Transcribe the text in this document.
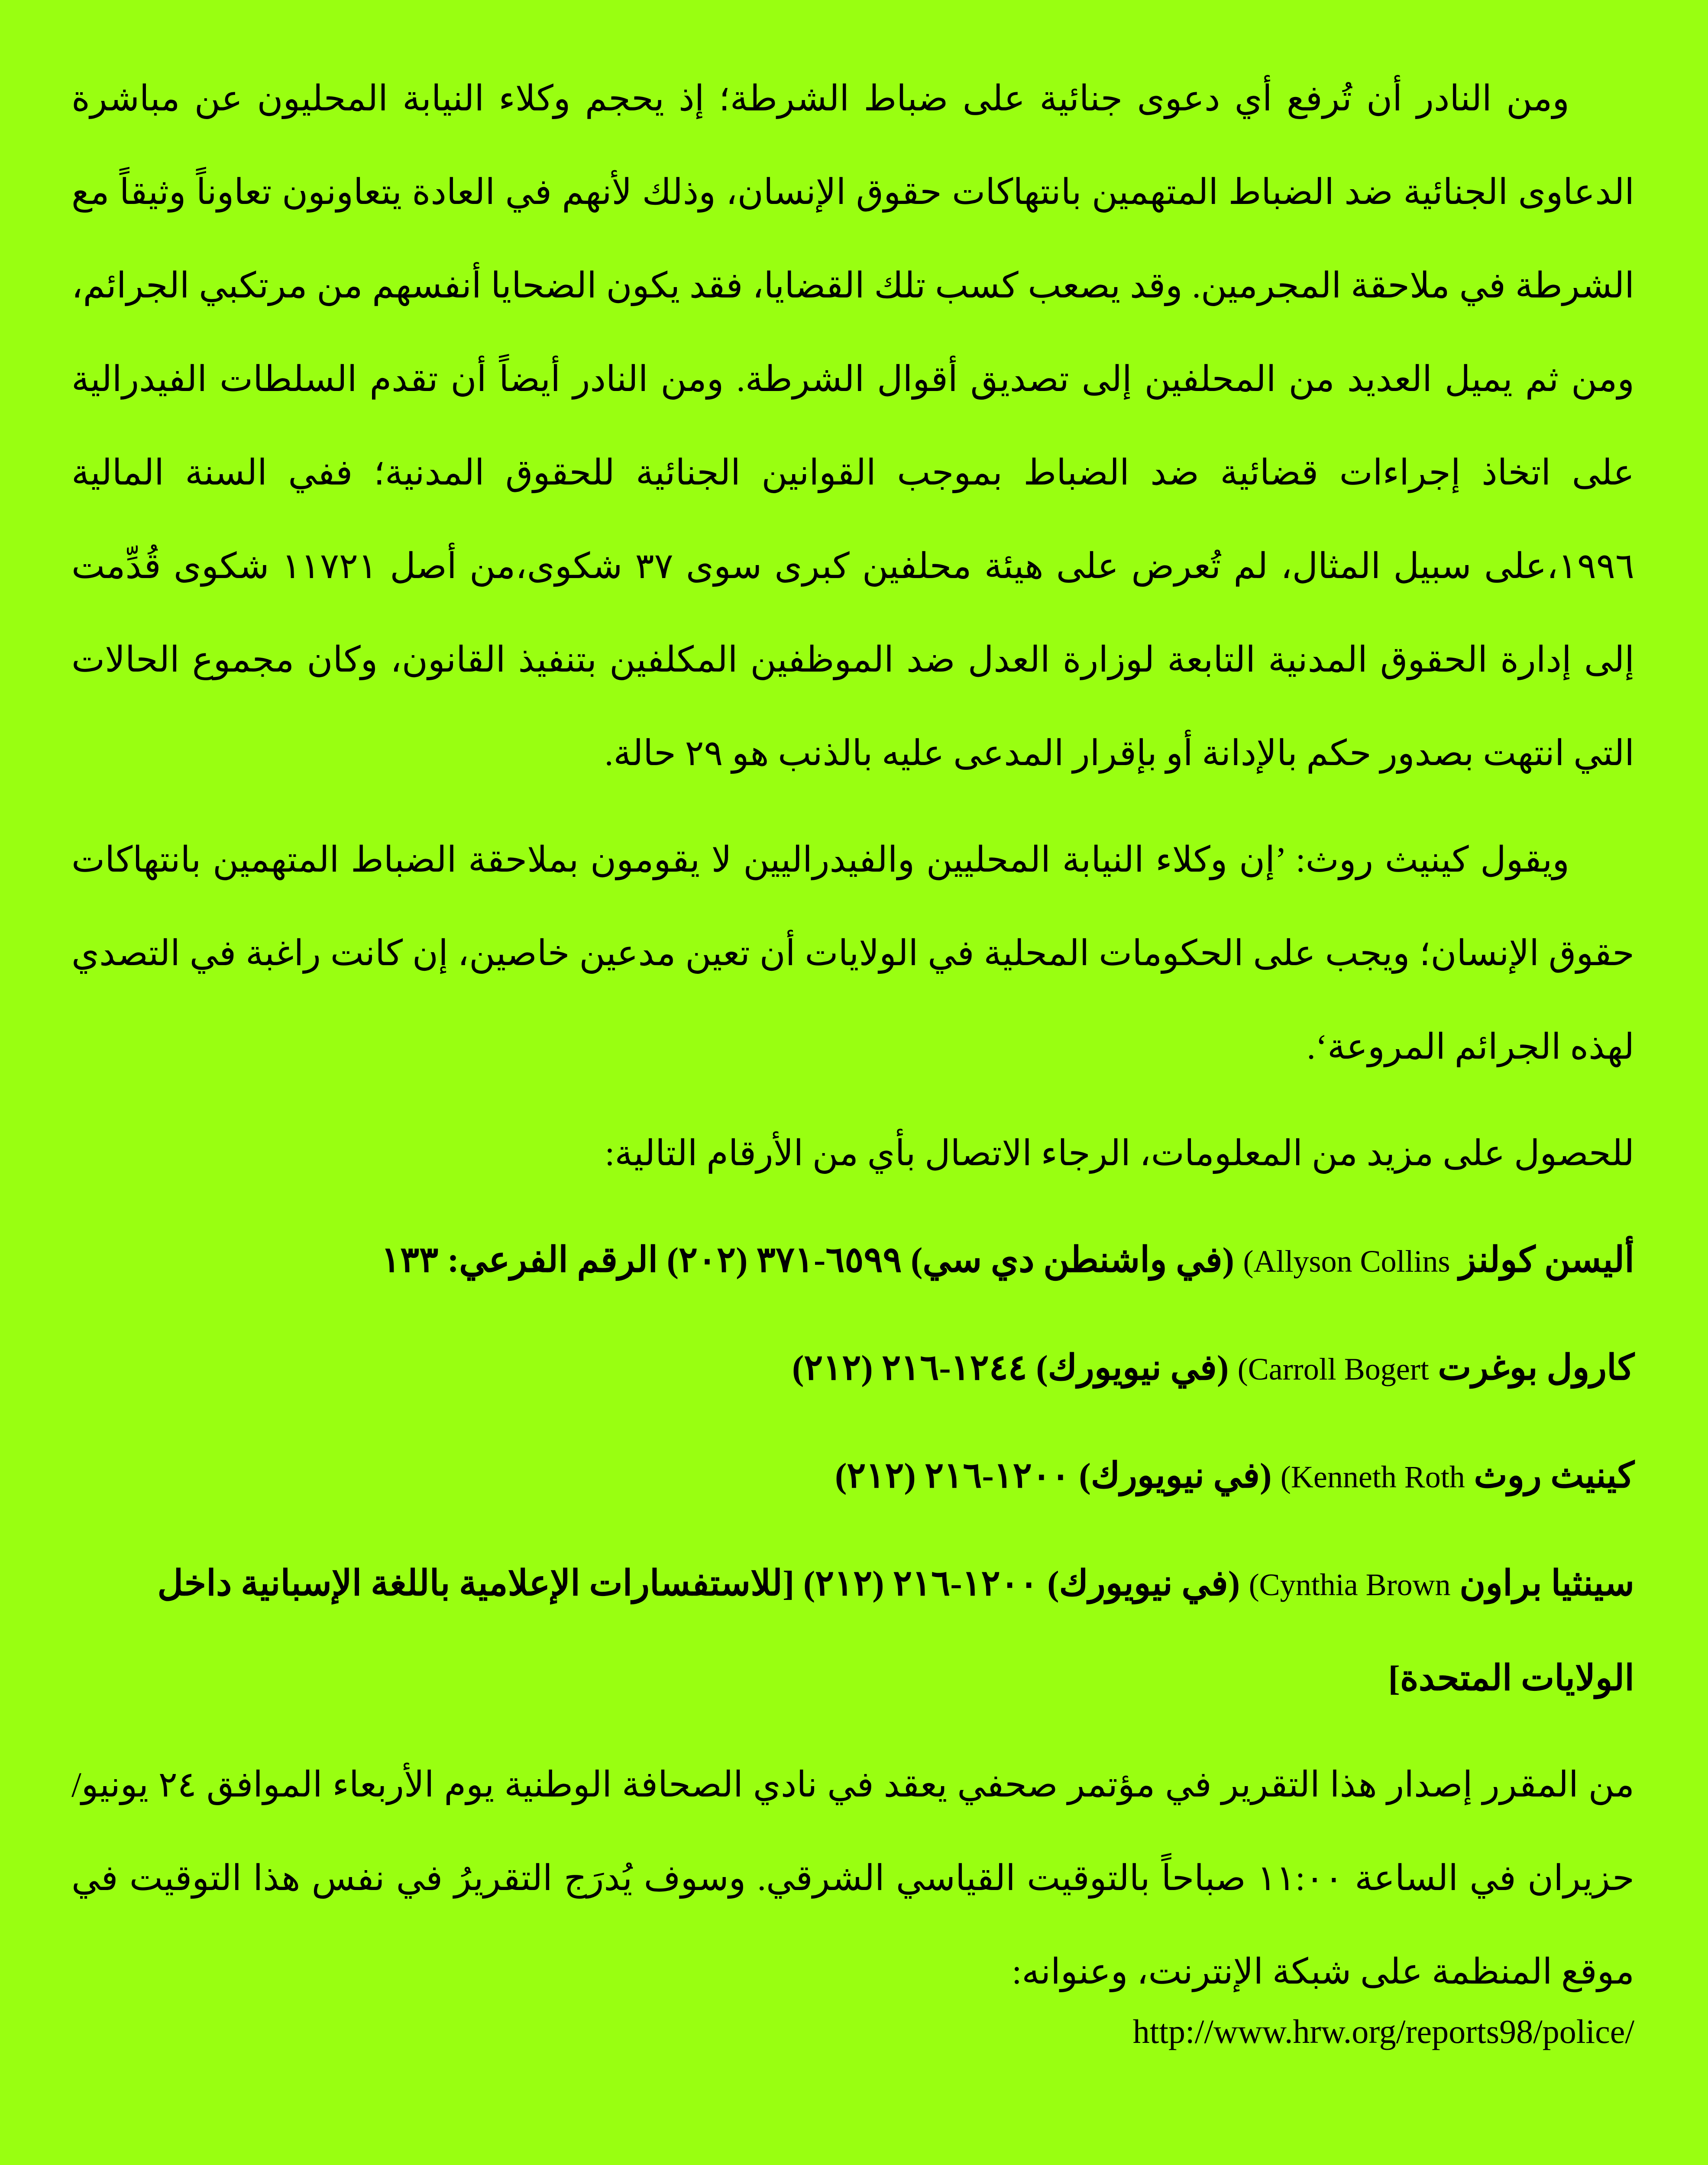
ومن النادر أن تُرفع أي دعوى جنائية على ضباط الشرطة؛ إذ يحجم وكلاء النيابة المحليون عن مباشرة الدعاوى الجنائية ضد الضباط المتهمين بانتهاكات حقوق الإنسان، وذلك لأنهم في العادة يتعاونون تعاوناً وثيقاً مع الشرطة في ملاحقة المجرمين. وقد يصعب كسب تلك القضايا، فقد يكون الضحايا أنفسهم من مرتكبي الجرائم، ومن ثم يميل العديد من المحلفين إلى تصديق أقوال الشرطة. ومن النادر أيضاً أن تقدم السلطات الفيدرالية على اتخاذ إجراءات قضائية ضد الضباط بموجب القوانين الجنائية للحقوق المدنية؛ ففي السنة المالية ١٩٩٦،على سبيل المثال، لم تُعرض على هيئة محلفين كبرى سوى ٣٧ شكوى،من أصل ١١٧٢١ شكوى قُدِّمت إلى إدارة الحقوق المدنية التابعة لوزارة العدل ضد الموظفين المكلفين بتنفيذ القانون، وكان مجموع الحالات التي انتهت بصدور حكم بالإدانة أو بإقرار المدعى عليه بالذنب هو ٢٩ حالة.

ويقول كينيث روث: ’إن وكلاء النيابة المحليين والفيدراليين لا يقومون بملاحقة الضباط المتهمين بانتهاكات حقوق الإنسان؛ ويجب على الحكومات المحلية في الولايات أن تعين مدعين خاصين، إن كانت راغبة في التصدي لهذه الجرائم المروعة‘.

للحصول على مزيد من المعلومات، الرجاء الاتصال بأي من الأرقام التالية:

أليسن كولنز (Allyson Collins (في واشنطن دي سي) ٦٥٩٩-٣٧١ (٢٠٢) الرقم الفرعي: ١٣٣
كارول بوغرت (Carroll Bogert (في نيويورك) ١٢٤٤-٢١٦ (٢١٢)
كينيث روث (Kenneth Roth (في نيويورك) ١٢٠٠-٢١٦ (٢١٢)
سينثيا براون (Cynthia Brown (في نيويورك) ١٢٠٠-٢١٦ (٢١٢) [للاستفسارات الإعلامية باللغة الإسبانية داخل الولايات المتحدة]

من المقرر إصدار هذا التقرير في مؤتمر صحفي يعقد في نادي الصحافة الوطنية يوم الأربعاء الموافق ٢٤ يونيو/حزيران في الساعة ١١:٠٠ صباحاً بالتوقيت القياسي الشرقي. وسوف يُدرَج التقريرُ في نفس هذا التوقيت في موقع المنظمة على شبكة الإنترنت، وعنوانه:

http://www.hrw.org/reports98/police/
